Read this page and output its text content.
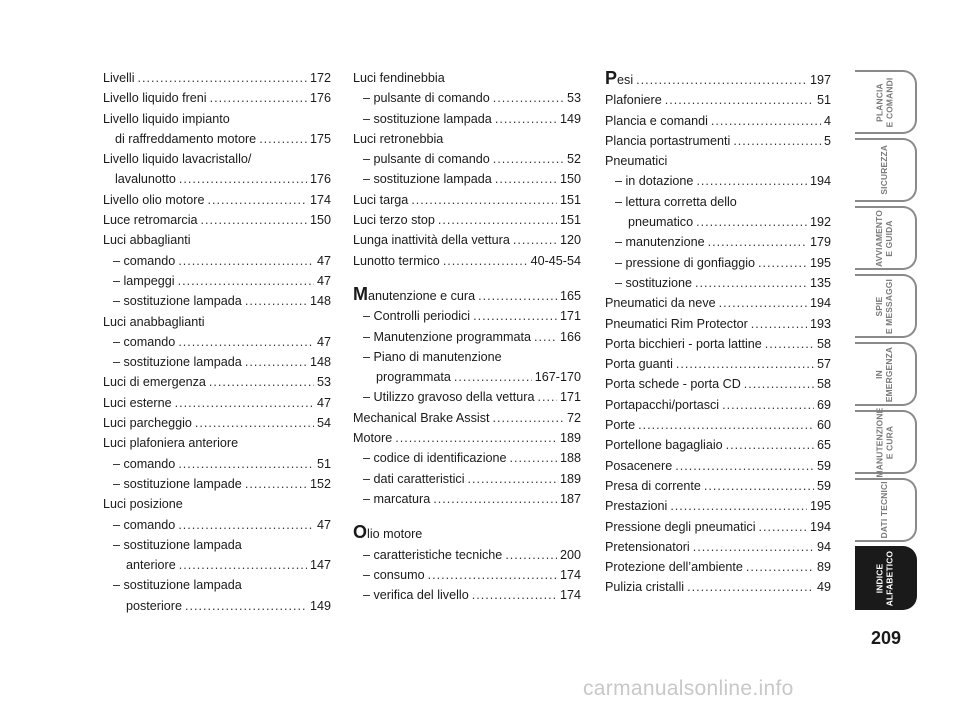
Livelli .....	172
Livello liquido freni .....	176
Livello liquido impianto
di raffreddamento motore .....	175
Livello liquido lavacristallo/
lavalunotto .....	176
Livello olio motore .....	174
Luce retromarcia .....	150
Luci abbaglianti
– comando .....	47
– lampeggi .....	47
– sostituzione lampada .....	148
Luci anabbaglianti
– comando .....	47
– sostituzione lampada .....	148
Luci di emergenza .....	53
Luci esterne .....	47
Luci parcheggio .....	54
Luci plafoniera anteriore
– comando .....	51
– sostituzione lampade .....	152
Luci posizione
– comando .....	47
– sostituzione lampada
anteriore .....	147
– sostituzione lampada
posteriore .....	149
Luci fendinebbia
– pulsante di comando .....	53
– sostituzione lampada .....	149
Luci retronebbia
– pulsante di comando .....	52
– sostituzione lampada .....	150
Luci targa .....	151
Luci terzo stop .....	151
Lunga inattività della vettura .....	120
Lunotto termico .....	40-45-54
Manutenzione e cura .....	165
– Controlli periodici .....	171
– Manutenzione programmata ..... 166
– Piano di manutenzione
programmata .....	167-170
– Utilizzo gravoso della vettura ..... 171
Mechanical Brake Assist .....	72
Motore .....	189
– codice di identificazione .....	188
– dati caratteristici .....	189
– marcatura .....	187
Olio motore
– caratteristiche tecniche .....	200
– consumo .....	174
– verifica del livello .....	174
Pesi .....	197
Plafoniere .....	51
Plancia e comandi .....	4
Plancia portastrumenti .....	5
Pneumatici
– in dotazione .....	194
– lettura corretta dello
pneumatico .....	192
– manutenzione .....	179
– pressione di gonfiaggio .....	195
– sostituzione .....	135
Pneumatici da neve .....	194
Pneumatici Rim Protector .....	193
Porta bicchieri - porta lattine .....	58
Porta guanti .....	57
Porta schede - porta CD .....	58
Portapacchi/portasci .....	69
Porte .....	60
Portellone bagagliaio .....	65
Posacenere .....	59
Presa di corrente .....	59
Prestazioni .....	195
Pressione degli pneumatici .....	194
Pretensionatori .....	94
Protezione dell’ambiente .....	89
Pulizia cristalli .....	49
PLANCIA
E COMANDI
SICUREZZA
AVVIAMENTO
E GUIDA
SPIE
E MESSAGGI
IN
EMERGENZA
MANUTENZIONE
E CURA
DATI TECNICI
INDICE
ALFABETICO
209
carmanualsonline.info
